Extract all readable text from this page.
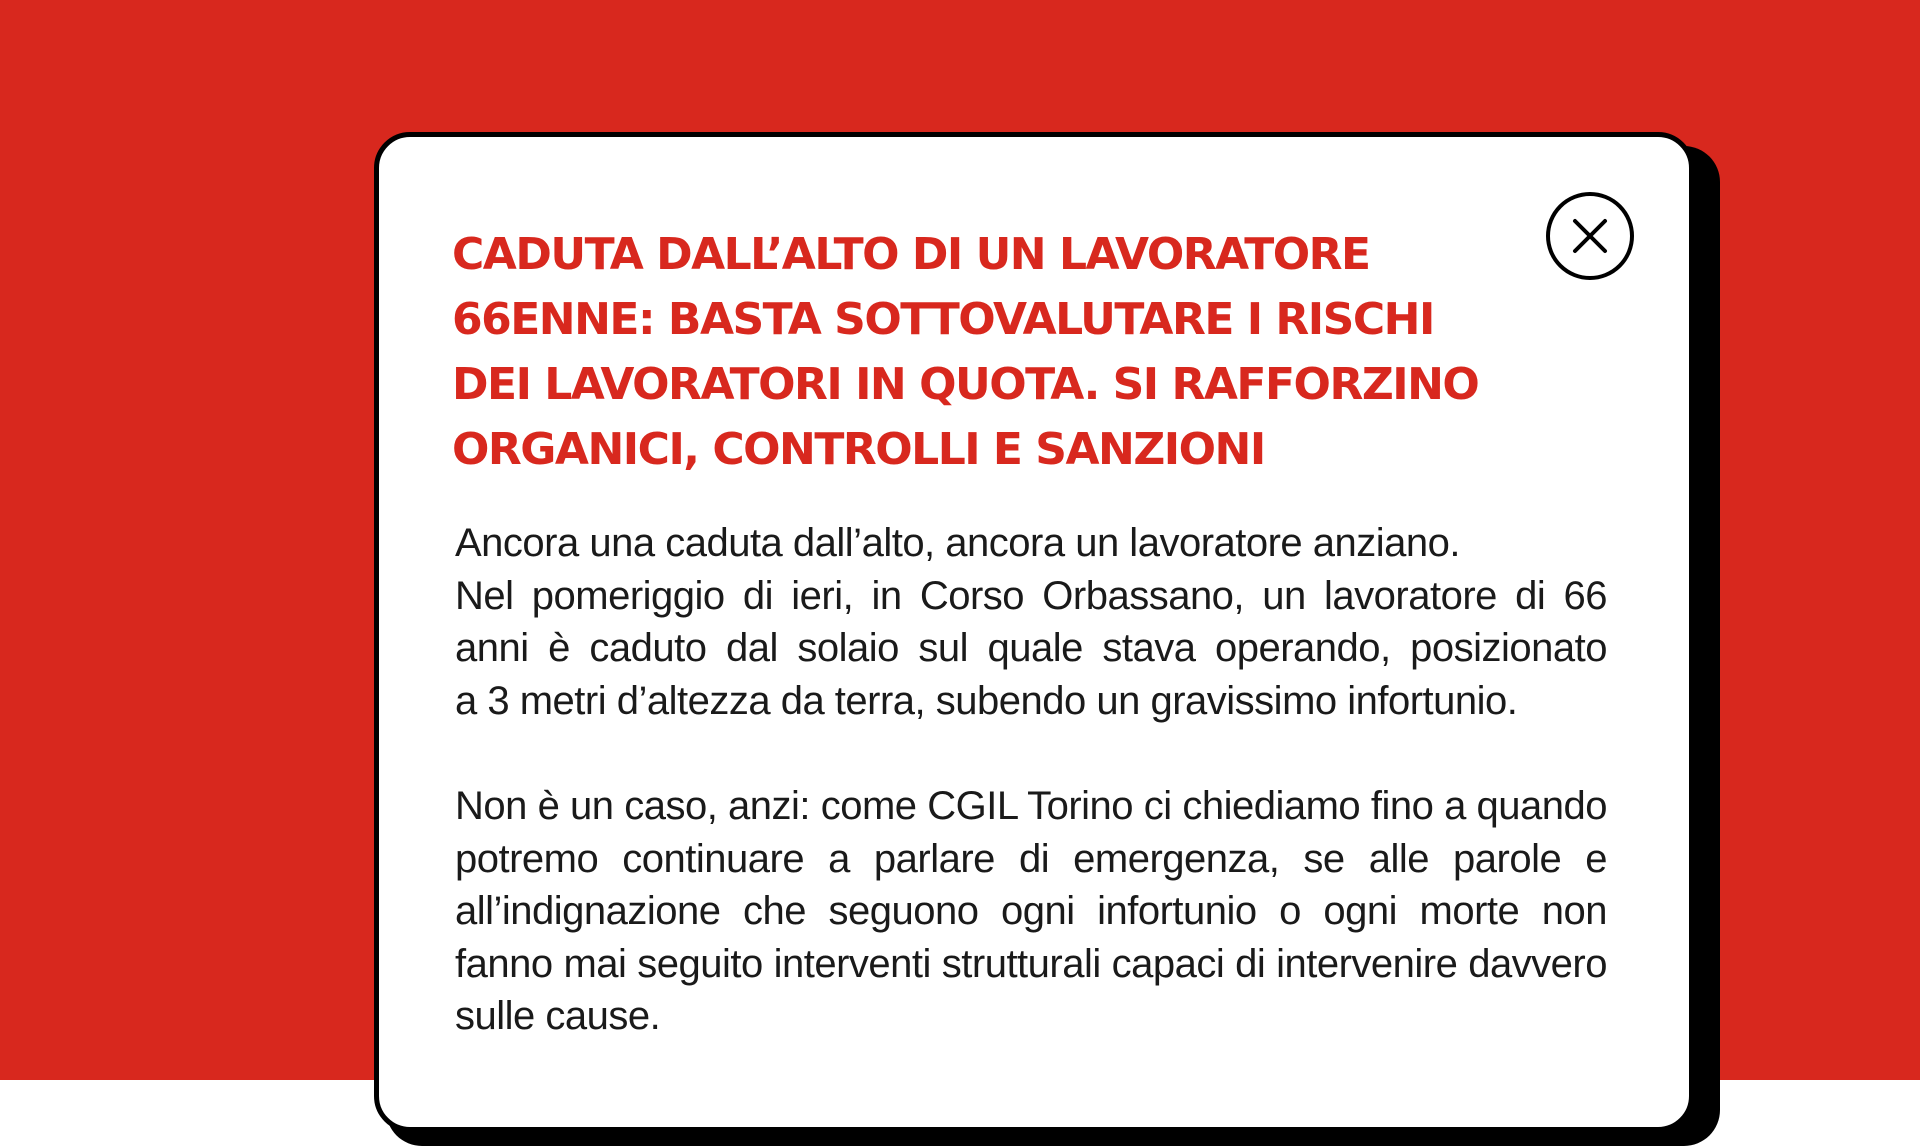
CADUTA DALL’ALTO DI UN LAVORATORE
66ENNE: BASTA SOTTOVALUTARE I RISCHI
DEI LAVORATORI IN QUOTA. SI RAFFORZINO
ORGANICI, CONTROLLI E SANZIONI
Ancora una caduta dall’alto, ancora un lavoratore anziano.
Nel pomeriggio di ieri, in Corso Orbassano, un lavoratore di 66
anni è caduto dal solaio sul quale stava operando, posizionato
a 3 metri d’altezza da terra, subendo un gravissimo infortunio.

Non è un caso, anzi: come CGIL Torino ci chiediamo fino a quando potremo continuare a parlare di emergenza, se alle parole e all’indignazione che seguono ogni infortunio o ogni morte non fanno mai seguito interventi strutturali capaci di intervenire davvero sulle cause.
